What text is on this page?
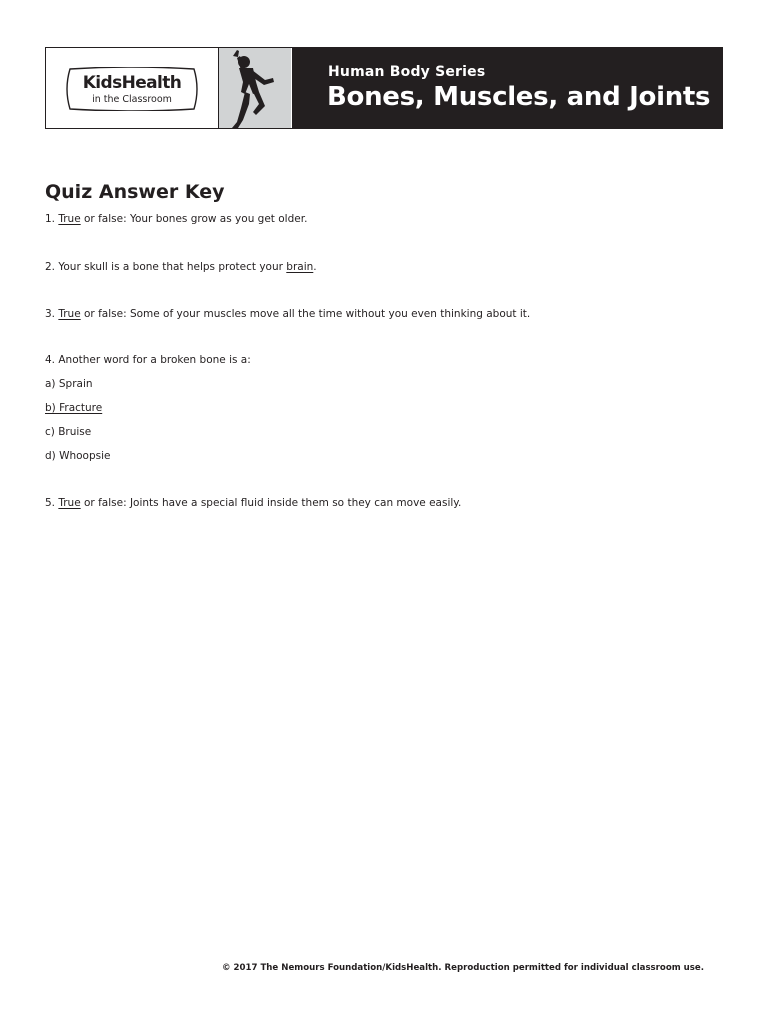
KidsHealth
in the Classroom
Human Body Series
Bones, Muscles, and Joints
Quiz Answer Key
1. True or false: Your bones grow as you get older.
2. Your skull is a bone that helps protect your brain.
3. True or false: Some of your muscles move all the time without you even thinking about it.
4. Another word for a broken bone is a:
a) Sprain
b) Fracture
c) Bruise
d) Whoopsie
5. True or false: Joints have a special fluid inside them so they can move easily.
© 2017 The Nemours Foundation/KidsHealth. Reproduction permitted for individual classroom use.
